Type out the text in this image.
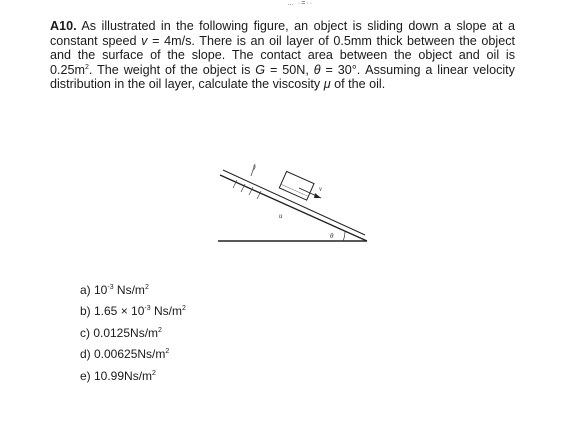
… ·=··
A10. As illustrated in the following figure, an object is sliding down a slope at a constant speed v = 4m/s. There is an oil layer of 0.5mm thick between the object and the surface of the slope. The contact area between the object and oil is $0.25m^2$. The weight of the object is G = 50N, θ = 30°. Assuming a linear velocity distribution in the oil layer, calculate the viscosity μ of the oil.
y
v
u
θ
a) $10^{-3}$ $Ns/m^2$
b) $1.65 \times 10^{-3}$ $Ns/m^2$
c) $0.0125Ns/m^2$
d) $0.00625Ns/m^2$
e) $10.99Ns/m^2$
